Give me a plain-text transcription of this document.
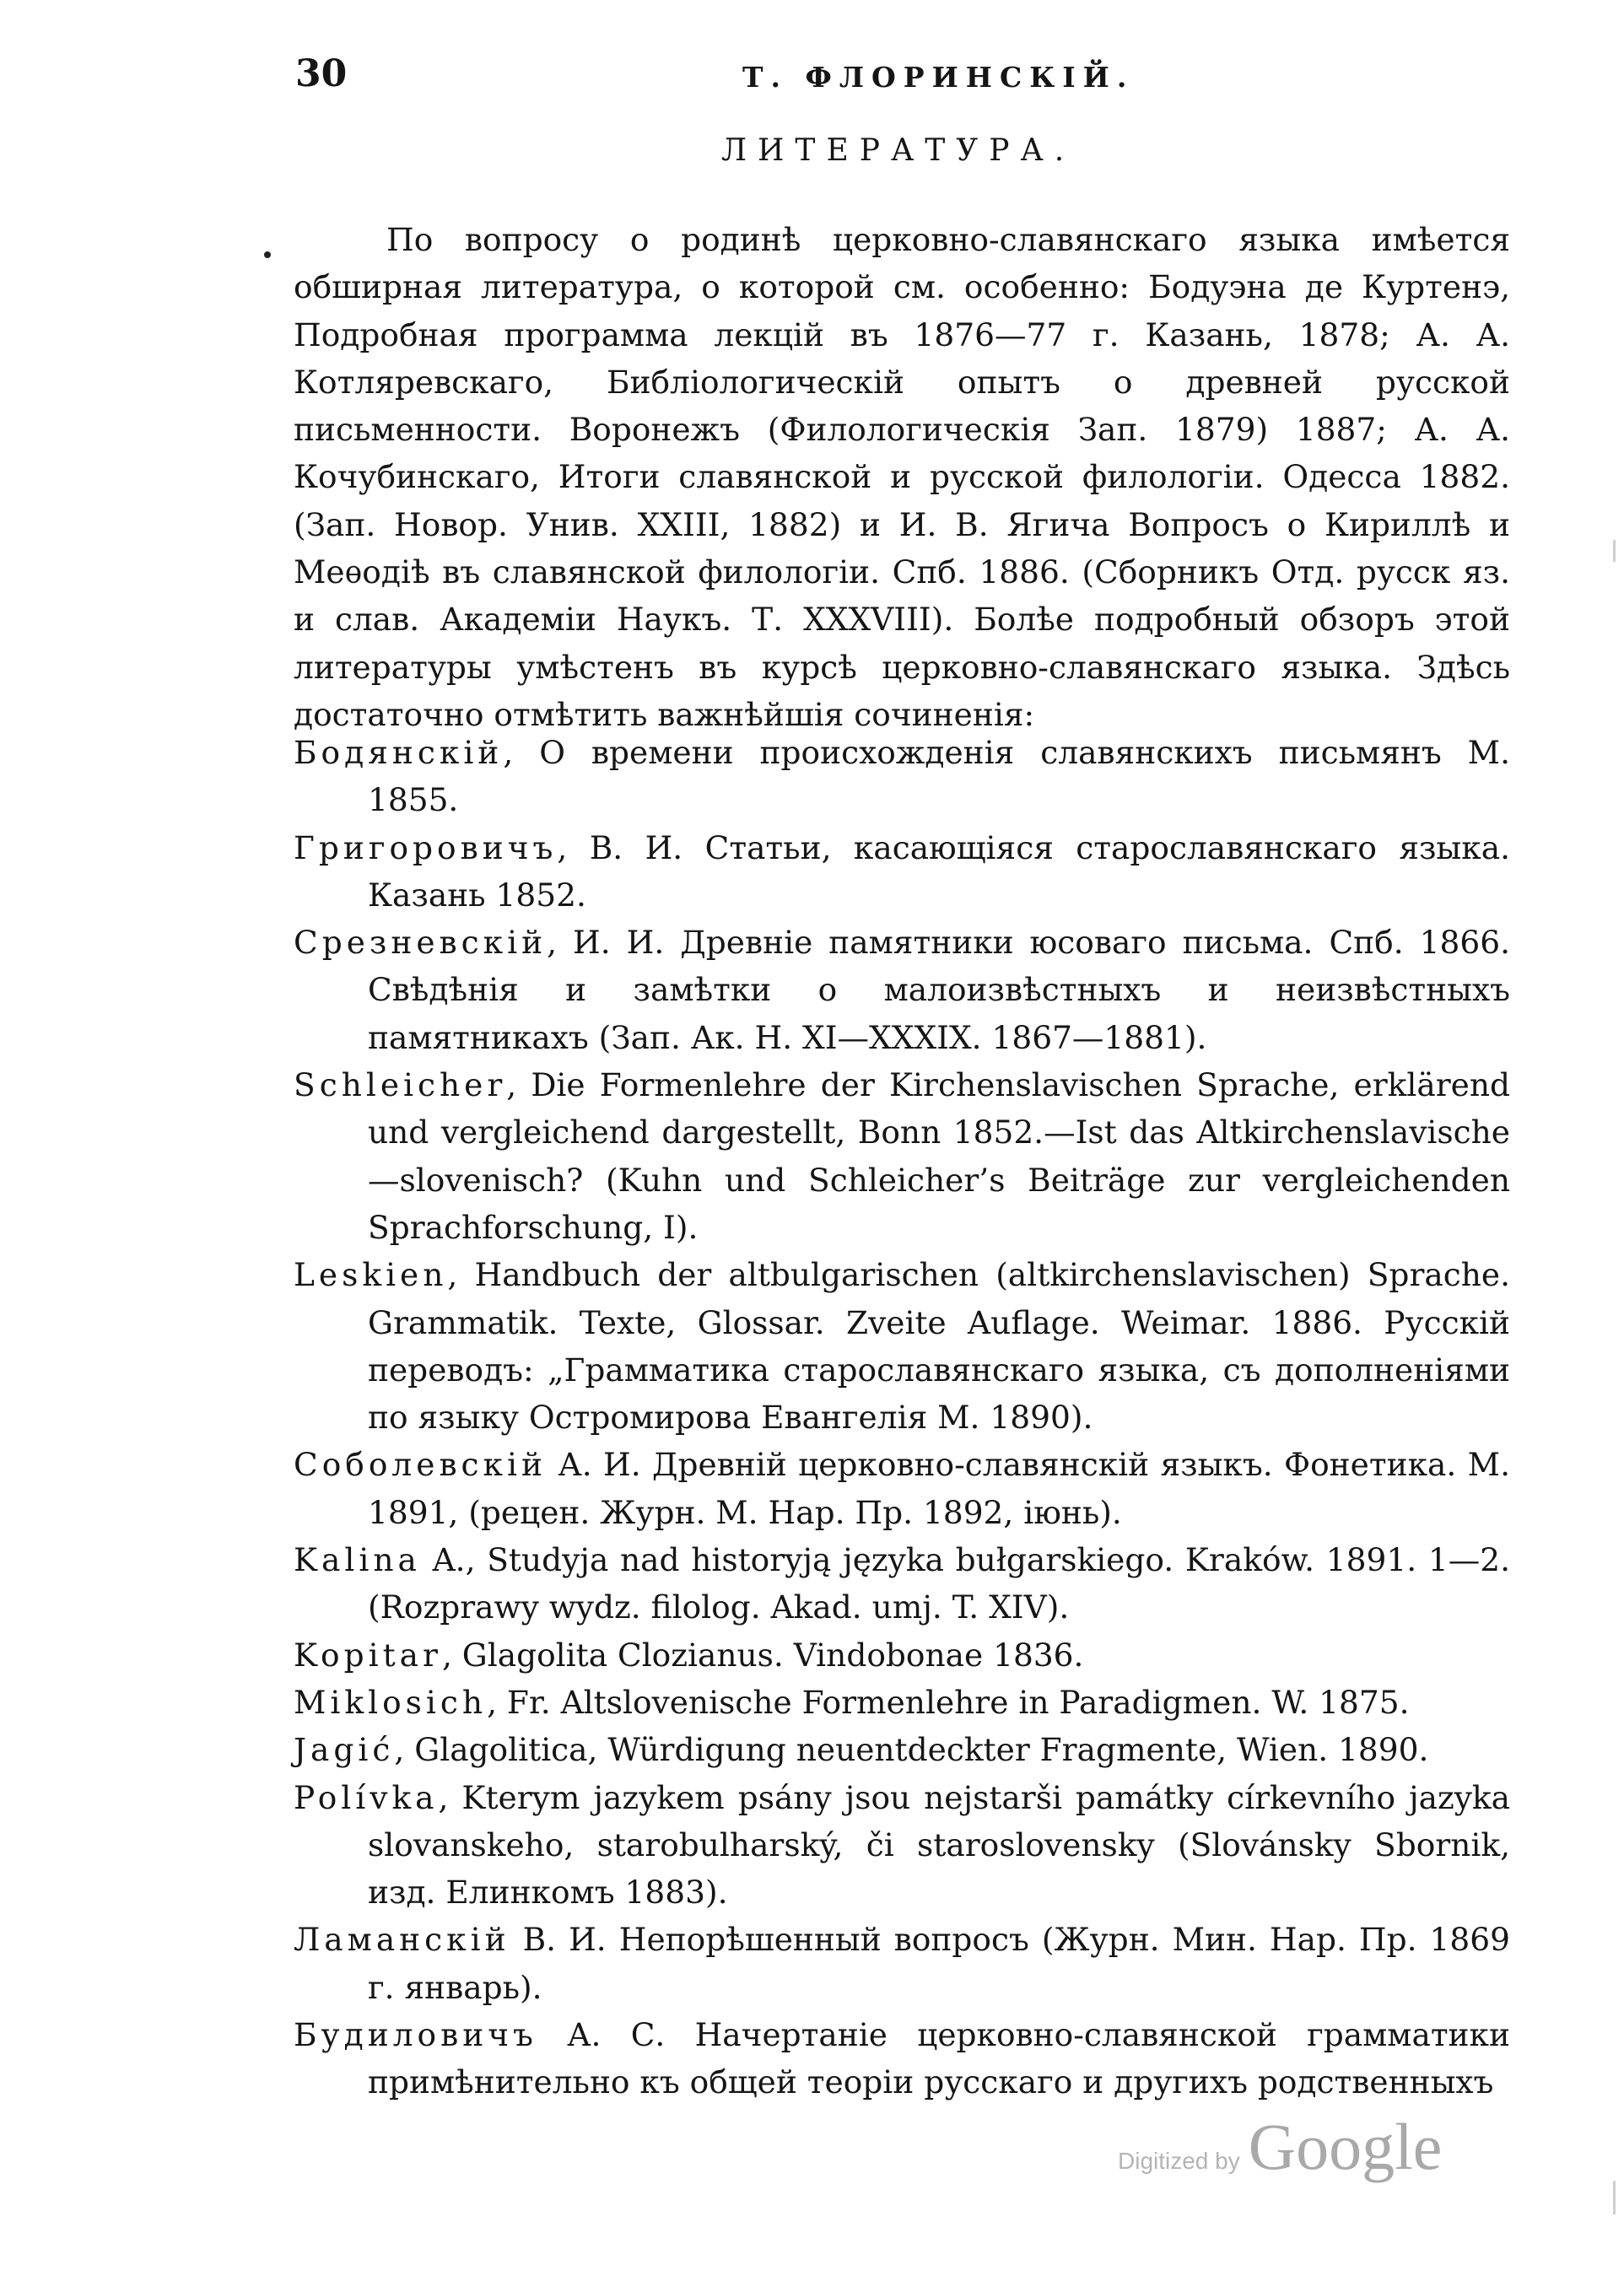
30	Т. ФЛОРИНСКІЙ.
ЛИТЕРАТУРА.

По вопросу о родинѣ церковно-славянскаго языка имѣется обширная литература, о которой см. особенно: Бодуэна де Куртенэ, Подробная программа лекцій въ 1876—77 г. Казань, 1878; А. А. Котляревскаго, Библіологическій опытъ о древней русской письменности. Воронежъ (Филологическія Зап. 1879) 1887; А. А. Кочубинскаго, Итоги славянской и русской филологіи. Одесса 1882. (Зап. Новор. Унив. XXIII, 1882) и И. В. Ягича Вопросъ о Кириллѣ и Меѳодіѣ въ славянской филологіи. Спб. 1886. (Сборникъ Отд. русск яз. и слав. Академіи Наукъ. Т. XXXVIII). Болѣе подробный обзоръ этой литературы умѣстенъ въ курсѣ церковно-славянскаго языка. Здѣсь достаточно отмѣтить важнѣйшія сочиненія:

Бодянскій, О времени происхожденія славянскихъ письмянъ М. 1855.
Григоровичъ, В. И. Статьи, касающіяся старославянскаго языка. Казань 1852.
Срезневскій, И. И. Древніе памятники юсоваго письма. Спб. 1866. Свѣдѣнія и замѣтки о малоизвѣстныхъ и неизвѣстныхъ памятникахъ (Зап. Ак. Н. XI—XXXIX. 1867—1881).
Schleicher, Die Formenlehre der Kirchenslavischen Sprache, erklärend und vergleichend dargestellt, Bonn 1852.—Ist das Altkirchenslavische —slovenisch? (Kuhn und Schleicher’s Beiträge zur vergleichenden Sprachforschung, I).
Leskien, Handbuch der altbulgarischen (altkirchenslavischen) Sprache. Grammatik. Texte, Glossar. Zveite Auflage. Weimar. 1886. Русскій переводъ: „Грамматика старославянскаго языка, съ дополненіями по языку Остромирова Евангелія М. 1890).
Соболевскій А. И. Древній церковно-славянскій языкъ. Фонетика. М. 1891, (рецен. Журн. М. Нар. Пр. 1892, іюнь).
Kalina A., Studyja nad historyją języka bułgarskiego. Kraków. 1891. 1—2. (Rozprawy wydz. filolog. Akad. umj. T. XIV).
Kopitar, Glagolita Clozianus. Vindobonae 1836.
Miklosich, Fr. Altslovenische Formenlehre in Paradigmen. W. 1875.
Jagić, Glagolitica, Würdigung neuentdeckter Fragmente, Wien. 1890.
Polívka, Kterym jazykem psány jsou nejstarši památky církevního jazyka slovanskeho, starobulharský, či staroslovensky (Slovánsky Sbornik, изд. Елинкомъ 1883).
Ламанскій В. И. Непорѣшенный вопросъ (Журн. Мин. Нар. Пр. 1869 г. январь).
Будиловичъ А. С. Начертаніе церковно-славянской грамматики примѣнительно къ общей теоріи русскаго и другихъ родственныхъ
Digitized by Google
